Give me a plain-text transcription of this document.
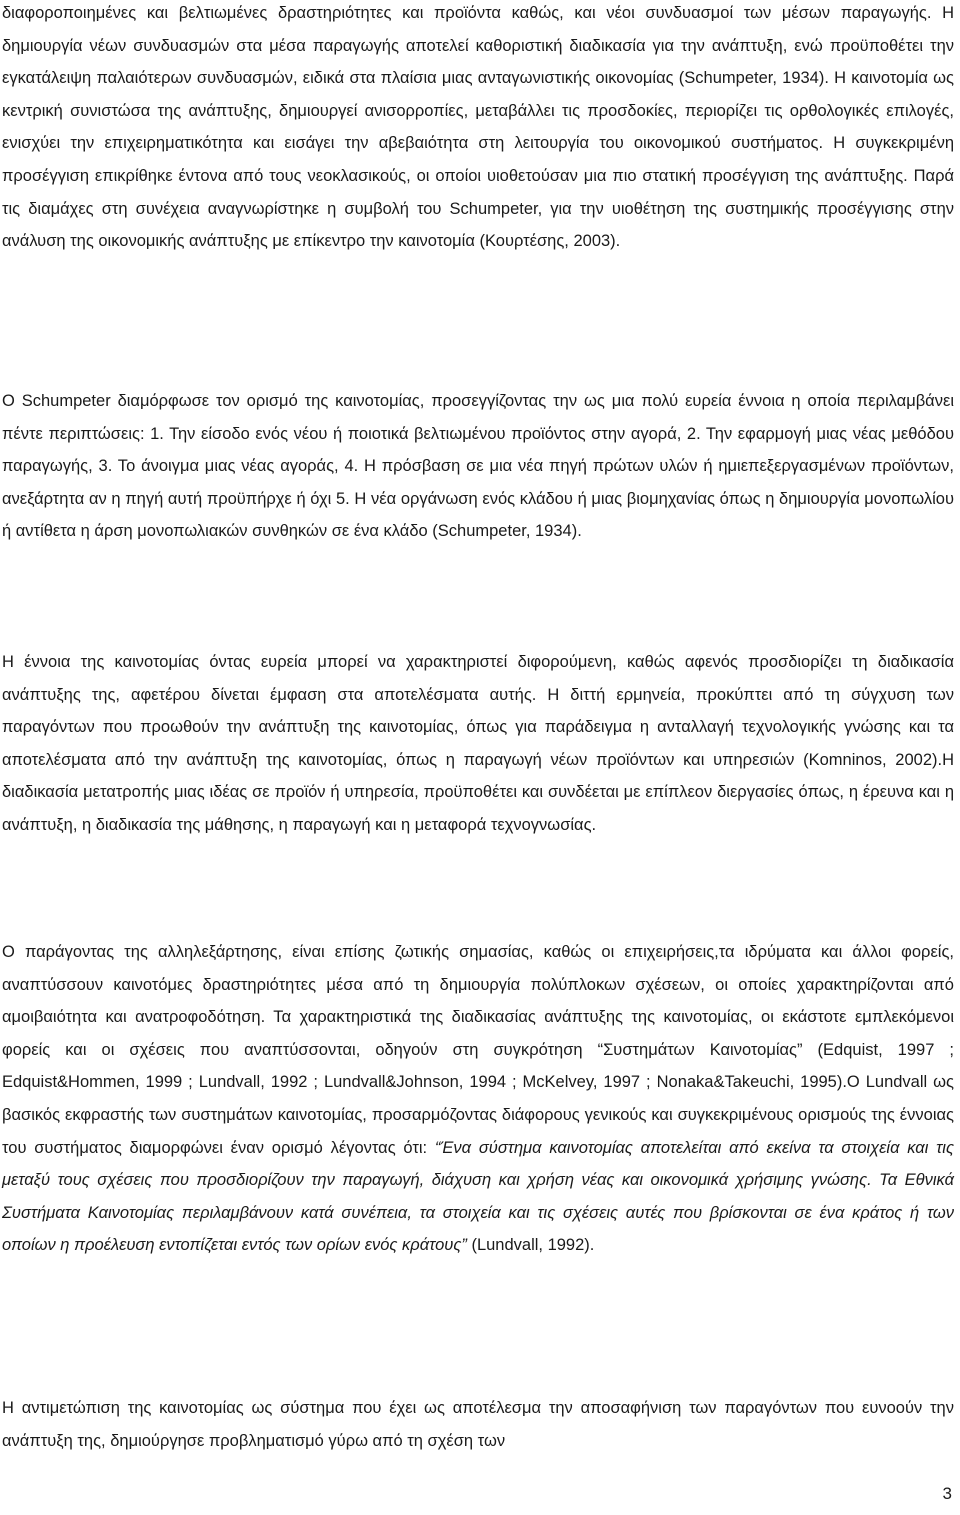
διαφοροποιημένες και βελτιωμένες δραστηριότητες και προϊόντα καθώς, και νέοι συνδυασμοί των μέσων παραγωγής. Η δημιουργία νέων συνδυασμών στα μέσα παραγωγής αποτελεί καθοριστική διαδικασία για την ανάπτυξη, ενώ προϋποθέτει την εγκατάλειψη παλαιότερων συνδυασμών, ειδικά στα πλαίσια μιας ανταγωνιστικής οικονομίας (Schumpeter, 1934). Η καινοτομία ως κεντρική συνιστώσα της ανάπτυξης, δημιουργεί ανισορροπίες, μεταβάλλει τις προσδοκίες, περιορίζει τις ορθολογικές επιλογές, ενισχύει την επιχειρηματικότητα και εισάγει την αβεβαιότητα στη λειτουργία του οικονομικού συστήματος. Η συγκεκριμένη προσέγγιση επικρίθηκε έντονα από τους νεοκλασικούς, οι οποίοι υιοθετούσαν μια πιο στατική προσέγγιση της ανάπτυξης. Παρά τις διαμάχες στη συνέχεια αναγνωρίστηκε η συμβολή του Schumpeter, για την υιοθέτηση της συστημικής προσέγγισης στην ανάλυση της οικονομικής ανάπτυξης με επίκεντρο την καινοτομία (Κουρτέσης, 2003).

Ο Schumpeter διαμόρφωσε τον ορισμό της καινοτομίας, προσεγγίζοντας την ως μια πολύ ευρεία έννοια η οποία περιλαμβάνει πέντε περιπτώσεις: 1. Την είσοδο ενός νέου ή ποιοτικά βελτιωμένου προϊόντος στην αγορά, 2. Την εφαρμογή μιας νέας μεθόδου παραγωγής, 3. Το άνοιγμα μιας νέας αγοράς, 4. Η πρόσβαση σε μια νέα πηγή πρώτων υλών ή ημιεπεξεργασμένων προϊόντων, ανεξάρτητα αν η πηγή αυτή προϋπήρχε ή όχι 5. Η νέα οργάνωση ενός κλάδου ή μιας βιομηχανίας όπως η δημιουργία μονοπωλίου ή αντίθετα η άρση μονοπωλιακών συνθηκών σε ένα κλάδο (Schumpeter, 1934).

Η έννοια της καινοτομίας όντας ευρεία μπορεί να χαρακτηριστεί διφορούμενη, καθώς αφενός προσδιορίζει τη διαδικασία ανάπτυξης της, αφετέρου δίνεται έμφαση στα αποτελέσματα αυτής. Η διττή ερμηνεία, προκύπτει από τη σύγχυση των παραγόντων που προωθούν την ανάπτυξη της καινοτομίας, όπως για παράδειγμα η ανταλλαγή τεχνολογικής γνώσης και τα αποτελέσματα από την ανάπτυξη της καινοτομίας, όπως η παραγωγή νέων προϊόντων και υπηρεσιών (Komninos, 2002).Η διαδικασία μετατροπής μιας ιδέας σε προϊόν ή υπηρεσία, προϋποθέτει και συνδέεται με επίπλεον διεργασίες όπως, η έρευνα και η ανάπτυξη, η διαδικασία της μάθησης, η παραγωγή και η μεταφορά τεχνογνωσίας.

Ο παράγοντας της αλληλεξάρτησης, είναι επίσης ζωτικής σημασίας, καθώς οι επιχειρήσεις,τα ιδρύματα και άλλοι φορείς, αναπτύσσουν καινοτόμες δραστηριότητες μέσα από τη δημιουργία πολύπλοκων σχέσεων, οι οποίες χαρακτηρίζονται από αμοιβαιότητα και ανατροφοδότηση. Τα χαρακτηριστικά της διαδικασίας ανάπτυξης της καινοτομίας, οι εκάστοτε εμπλεκόμενοι φορείς και οι σχέσεις που αναπτύσσονται, οδηγούν στη συγκρότηση “Συστημάτων Καινοτομίας” (Edquist, 1997 ; Edquist&Hommen, 1999 ; Lundvall, 1992 ; Lundvall&Johnson, 1994 ; McKelvey, 1997 ; Nonaka&Takeuchi, 1995).Ο Lundvall ως βασικός εκφραστής των συστημάτων καινοτομίας, προσαρμόζοντας διάφορους γενικούς και συγκεκριμένους ορισμούς της έννοιας του συστήματος διαμορφώνει έναν ορισμό λέγοντας ότι: “Ένα σύστημα καινοτομίας αποτελείται από εκείνα τα στοιχεία και τις μεταξύ τους σχέσεις που προσδιορίζουν την παραγωγή, διάχυση και χρήση νέας και οικονομικά χρήσιμης γνώσης. Τα Εθνικά Συστήματα Καινοτομίας περιλαμβάνουν κατά συνέπεια, τα στοιχεία και τις σχέσεις αυτές που βρίσκονται σε ένα κράτος ή των οποίων η προέλευση εντοπίζεται εντός των ορίων ενός κράτους” (Lundvall, 1992).

Η αντιμετώπιση της καινοτομίας ως σύστημα που έχει ως αποτέλεσμα την αποσαφήνιση των παραγόντων που ευνοούν την ανάπτυξη της, δημιούργησε προβληματισμό γύρω από τη σχέση των

3
